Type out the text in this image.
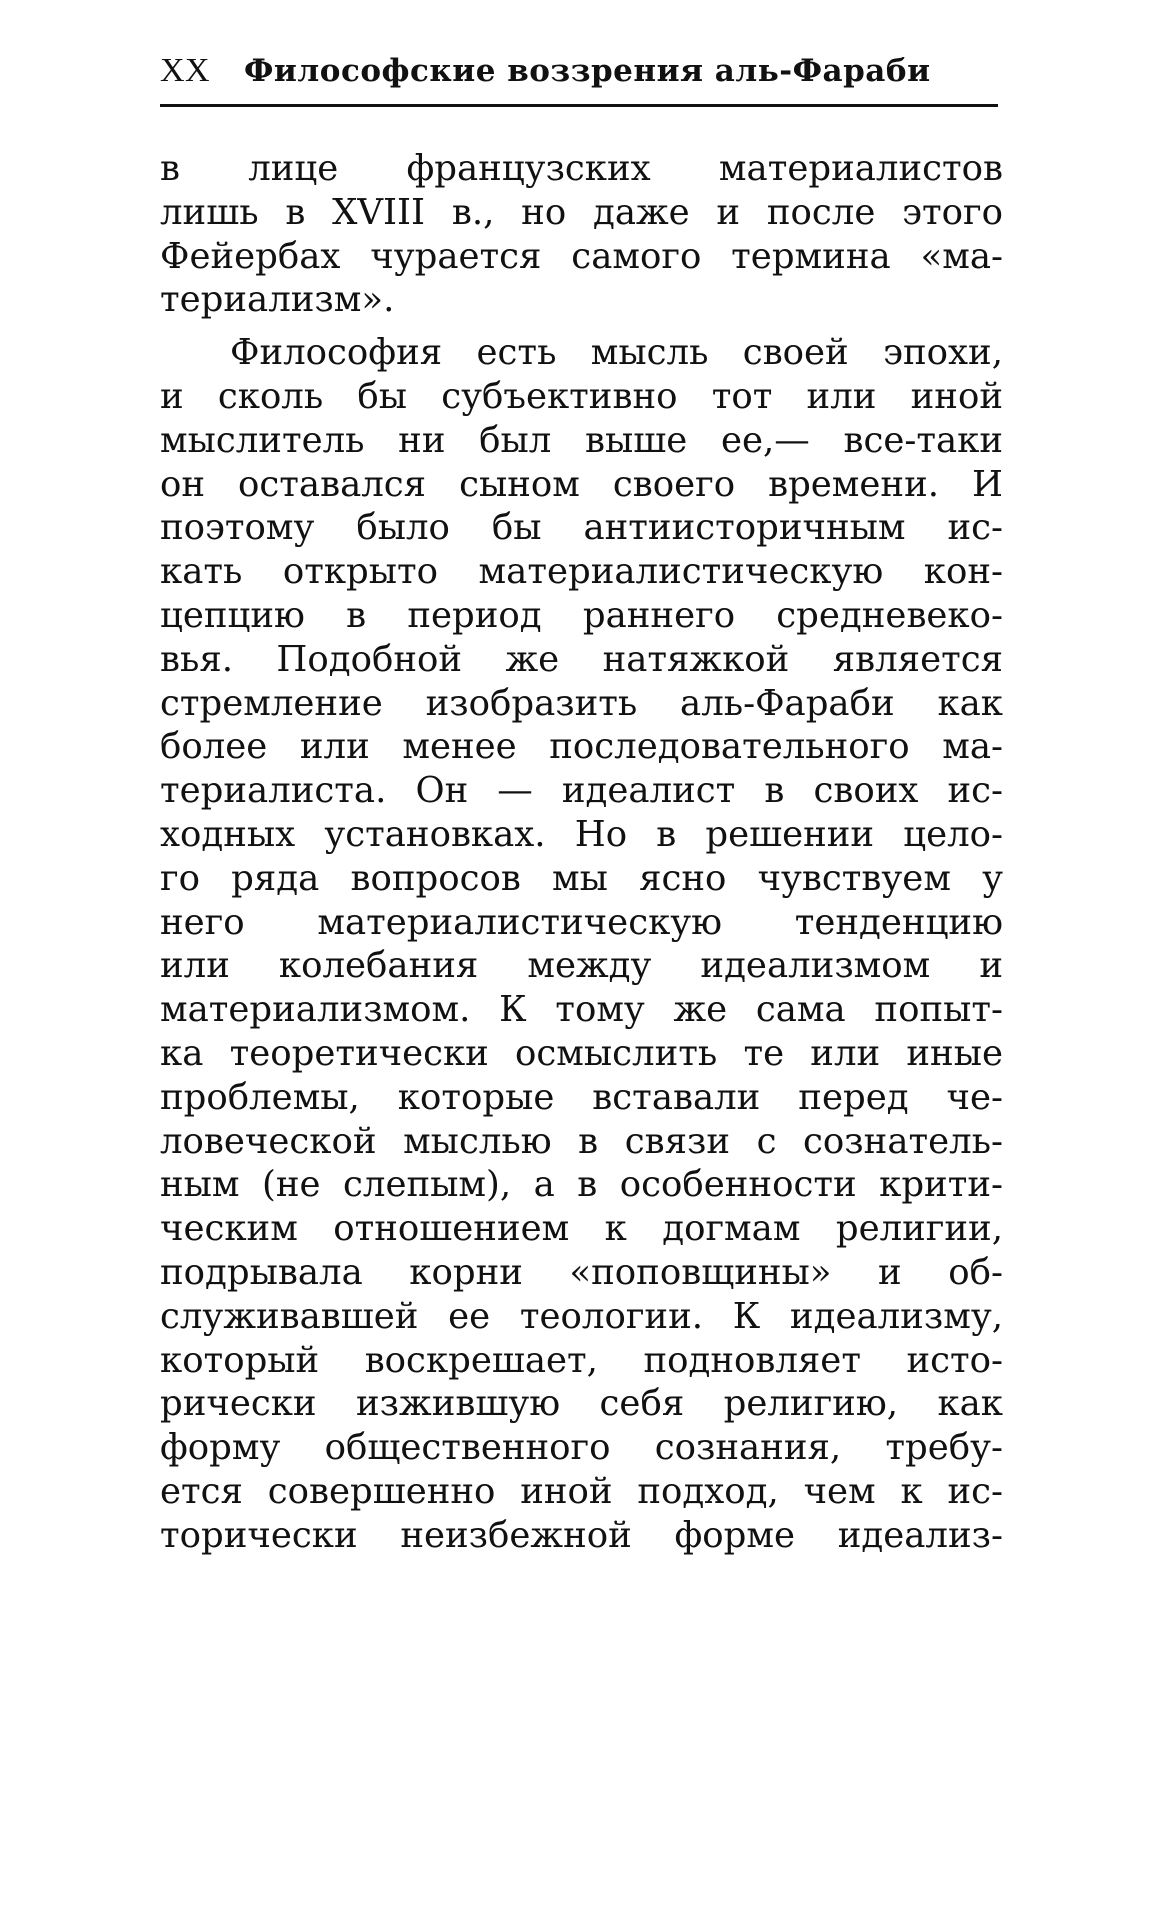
XX	Философские воззрения аль-Фараби
в лице французских материалистов
лишь в XVIII в., но даже и после этого
Фейербах чурается самого термина «ма-
териализм».
Философия есть мысль своей эпохи,
и сколь бы субъективно тот или иной
мыслитель ни был выше ее,— все-таки
он оставался сыном своего времени. И
поэтому было бы антиисторичным ис-
кать открыто материалистическую кон-
цепцию в период раннего средневеко-
вья. Подобной же натяжкой является
стремление изобразить аль-Фараби как
более или менее последовательного ма-
териалиста. Он — идеалист в своих ис-
ходных установках. Но в решении цело-
го ряда вопросов мы ясно чувствуем у
него материалистическую тенденцию
или колебания между идеализмом и
материализмом. К тому же сама попыт-
ка теоретически осмыслить те или иные
проблемы, которые вставали перед че-
ловеческой мыслью в связи с сознатель-
ным (не слепым), а в особенности крити-
ческим отношением к догмам религии,
подрывала корни «поповщины» и об-
служивавшей ее теологии. К идеализму,
который воскрешает, подновляет исто-
рически изжившую себя религию, как
форму общественного сознания, требу-
ется совершенно иной подход, чем к ис-
торически неизбежной форме идеализ-
